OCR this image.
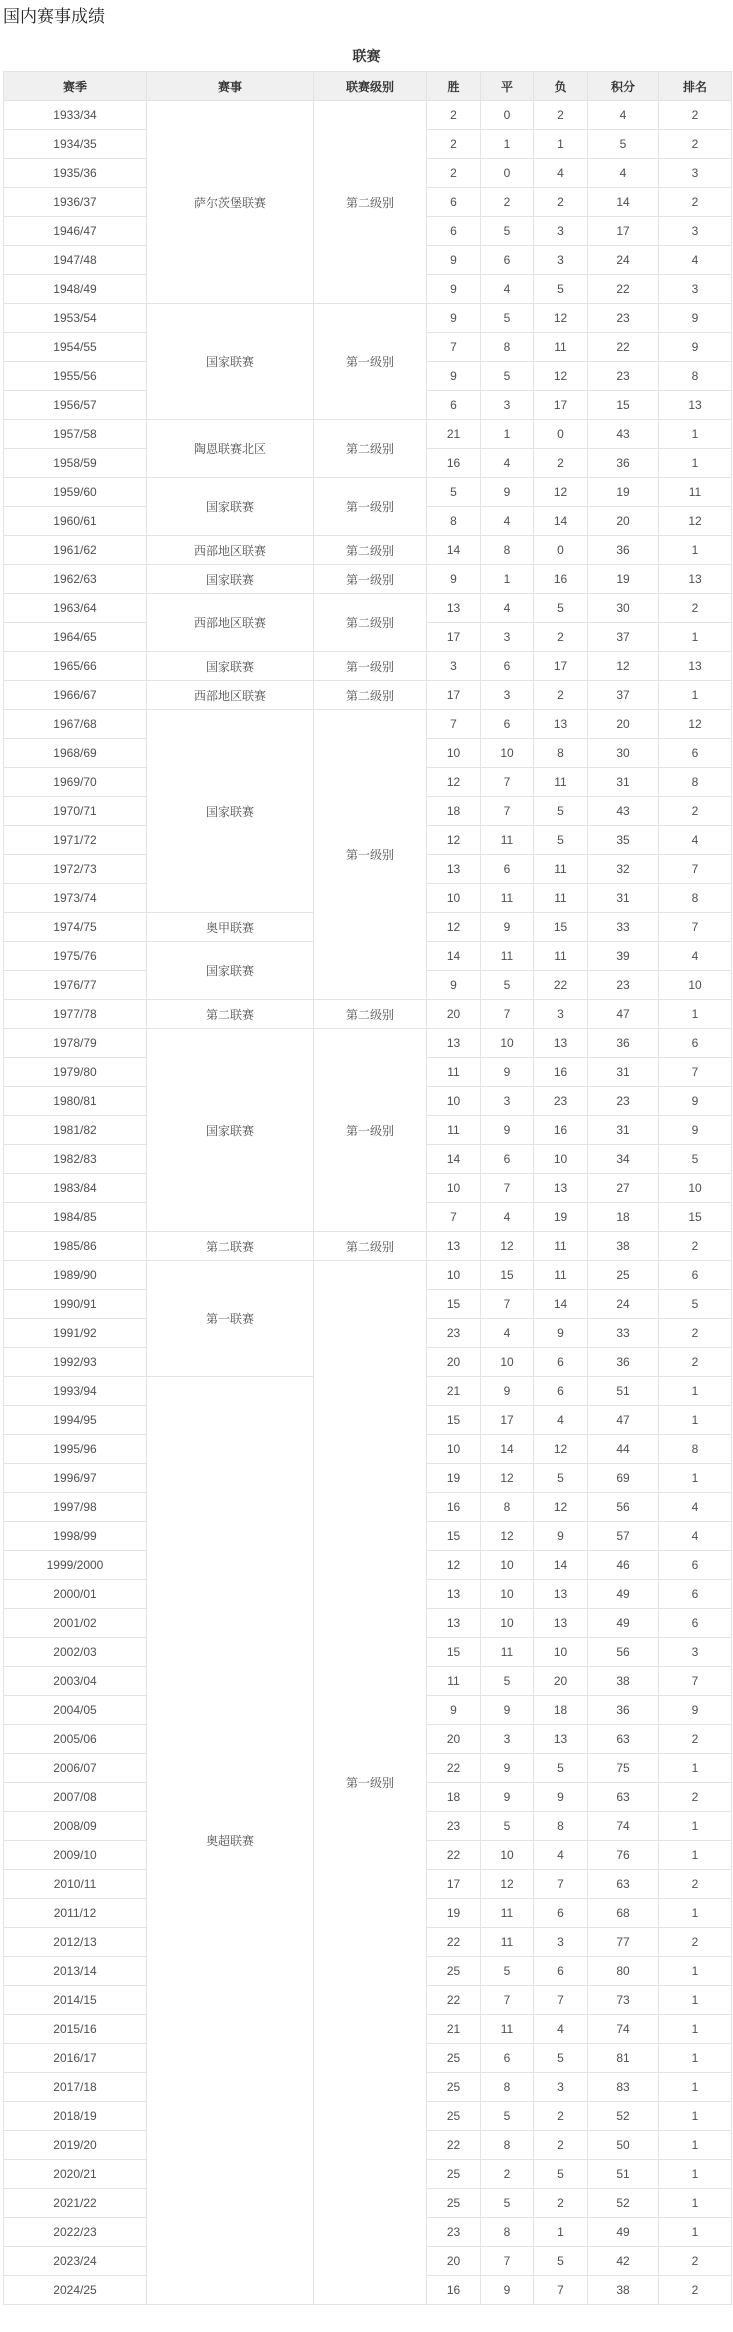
国内赛事成绩
联赛
赛季	赛事	联赛级别	胜	平	负	积分	排名
1933/34	萨尔茨堡联赛	第二级别	2	0	2	4	2
1934/35			2	1	1	5	2
1935/36			2	0	4	4	3
1936/37			6	2	2	14	2
1946/47			6	5	3	17	3
1947/48			9	6	3	24	4
1948/49			9	4	5	22	3
1953/54	国家联赛	第一级别	9	5	12	23	9
1954/55			7	8	11	22	9
1955/56			9	5	12	23	8
1956/57			6	3	17	15	13
1957/58	陶恩联赛北区	第二级别	21	1	0	43	1
1958/59			16	4	2	36	1
1959/60	国家联赛	第一级别	5	9	12	19	11
1960/61			8	4	14	20	12
1961/62	西部地区联赛	第二级别	14	8	0	36	1
1962/63	国家联赛	第一级别	9	1	16	19	13
1963/64	西部地区联赛	第二级别	13	4	5	30	2
1964/65			17	3	2	37	1
1965/66	国家联赛	第一级别	3	6	17	12	13
1966/67	西部地区联赛	第二级别	17	3	2	37	1
1967/68	国家联赛	第一级别	7	6	13	20	12
1968/69			10	10	8	30	6
1969/70			12	7	11	31	8
1970/71			18	7	5	43	2
1971/72			12	11	5	35	4
1972/73			13	6	11	32	7
1973/74			10	11	11	31	8
1974/75	奥甲联赛		12	9	15	33	7
1975/76	国家联赛		14	11	11	39	4
1976/77			9	5	22	23	10
1977/78	第二联赛	第二级别	20	7	3	47	1
1978/79	国家联赛	第一级别	13	10	13	36	6
1979/80			11	9	16	31	7
1980/81			10	3	23	23	9
1981/82			11	9	16	31	9
1982/83			14	6	10	34	5
1983/84			10	7	13	27	10
1984/85			7	4	19	18	15
1985/86	第二联赛	第二级别	13	12	11	38	2
1989/90	第一联赛	第一级别	10	15	11	25	6
1990/91			15	7	14	24	5
1991/92			23	4	9	33	2
1992/93			20	10	6	36	2
1993/94	奥超联赛		21	9	6	51	1
1994/95			15	17	4	47	1
1995/96			10	14	12	44	8
1996/97			19	12	5	69	1
1997/98			16	8	12	56	4
1998/99			15	12	9	57	4
1999/2000			12	10	14	46	6
2000/01			13	10	13	49	6
2001/02			13	10	13	49	6
2002/03			15	11	10	56	3
2003/04			11	5	20	38	7
2004/05			9	9	18	36	9
2005/06			20	3	13	63	2
2006/07			22	9	5	75	1
2007/08			18	9	9	63	2
2008/09			23	5	8	74	1
2009/10			22	10	4	76	1
2010/11			17	12	7	63	2
2011/12			19	11	6	68	1
2012/13			22	11	3	77	2
2013/14			25	5	6	80	1
2014/15			22	7	7	73	1
2015/16			21	11	4	74	1
2016/17			25	6	5	81	1
2017/18			25	8	3	83	1
2018/19			25	5	2	52	1
2019/20			22	8	2	50	1
2020/21			25	2	5	51	1
2021/22			25	5	2	52	1
2022/23			23	8	1	49	1
2023/24			20	7	5	42	2
2024/25			16	9	7	38	2
